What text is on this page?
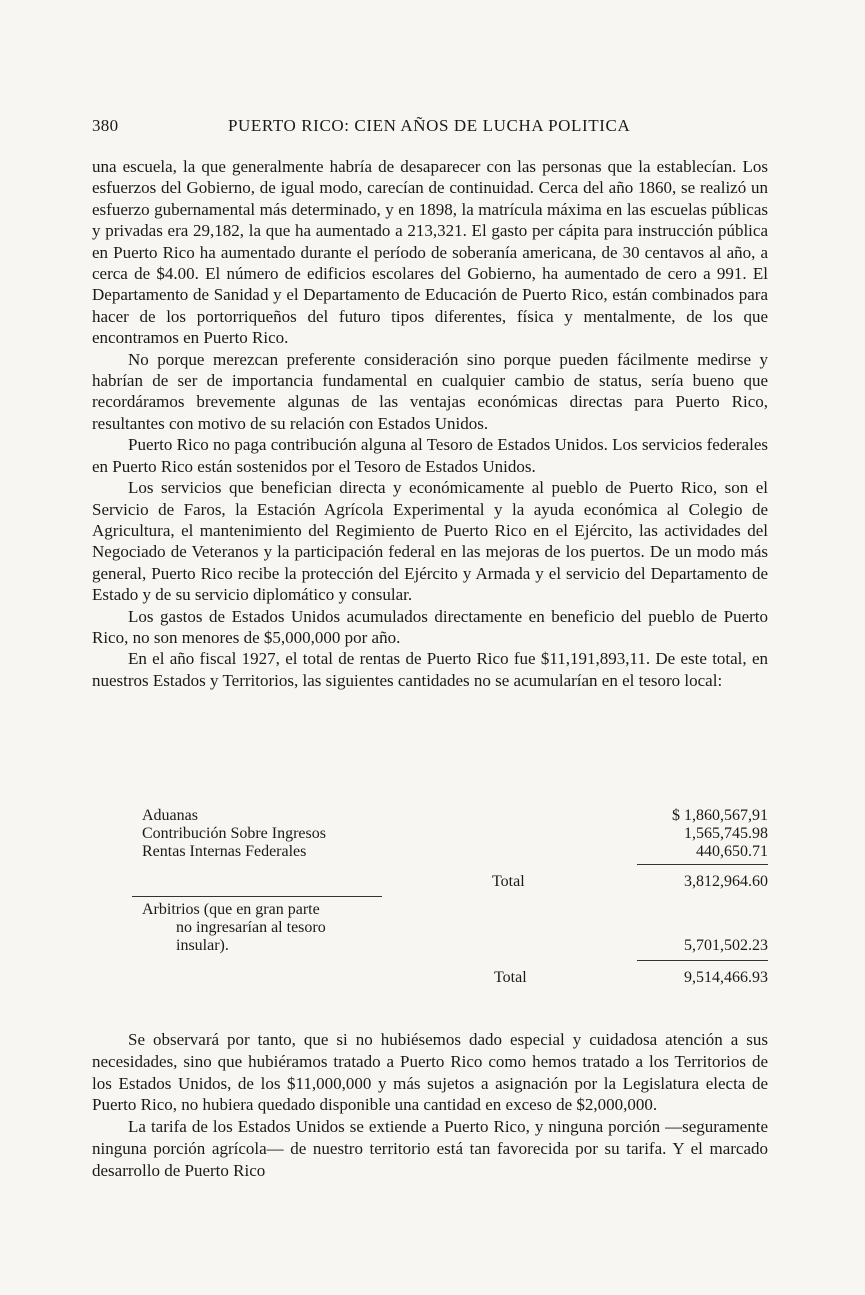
380	PUERTO RICO: CIEN AÑOS DE LUCHA POLITICA

una escuela, la que generalmente habría de desaparecer con las personas que la establecían. Los esfuerzos del Gobierno, de igual modo, carecían de continuidad. Cerca del año 1860, se realizó un esfuerzo gubernamental más determinado, y en 1898, la matrícula máxima en las escuelas públicas y privadas era 29,182, la que ha aumentado a 213,321. El gasto per cápita para instrucción pública en Puerto Rico ha aumentado durante el período de soberanía americana, de 30 centavos al año, a cerca de $4.00. El número de edificios escolares del Gobierno, ha aumentado de cero a 991. El Departamento de Sanidad y el Departamento de Educación de Puerto Rico, están combinados para hacer de los portorriqueños del futuro tipos diferentes, física y mentalmente, de los que encontramos en Puerto Rico.

No porque merezcan preferente consideración sino porque pueden fácilmente medirse y habrían de ser de importancia fundamental en cualquier cambio de status, sería bueno que recordáramos brevemente algunas de las ventajas económicas directas para Puerto Rico, resultantes con motivo de su relación con Estados Unidos.

Puerto Rico no paga contribución alguna al Tesoro de Estados Unidos. Los servicios federales en Puerto Rico están sostenidos por el Tesoro de Estados Unidos.

Los servicios que benefician directa y económicamente al pueblo de Puerto Rico, son el Servicio de Faros, la Estación Agrícola Experimental y la ayuda económica al Colegio de Agricultura, el mantenimiento del Regimiento de Puerto Rico en el Ejército, las actividades del Negociado de Veteranos y la participación federal en las mejoras de los puertos. De un modo más general, Puerto Rico recibe la protección del Ejército y Armada y el servicio del Departamento de Estado y de su servicio diplomático y consular.

Los gastos de Estados Unidos acumulados directamente en beneficio del pueblo de Puerto Rico, no son menores de $5,000,000 por año.

En el año fiscal 1927, el total de rentas de Puerto Rico fue $11,191,893,11. De este total, en nuestros Estados y Territorios, las siguientes cantidades no se acumularían en el tesoro local:

Aduanas	$ 1,860,567,91
Contribución Sobre Ingresos	1,565,745.98
Rentas Internas Federales	440,650.71
Total	3,812,964.60
Arbitrios (que en gran parte
no ingresarían al tesoro
insular).	5,701,502.23
Total	9,514,466.93

Se observará por tanto, que si no hubiésemos dado especial y cuidadosa atención a sus necesidades, sino que hubiéramos tratado a Puerto Rico como hemos tratado a los Territorios de los Estados Unidos, de los $11,000,000 y más sujetos a asignación por la Legislatura electa de Puerto Rico, no hubiera quedado disponible una cantidad en exceso de $2,000,000.

La tarifa de los Estados Unidos se extiende a Puerto Rico, y ninguna porción —seguramente ninguna porción agrícola— de nuestro territorio está tan favorecida por su tarifa. Y el marcado desarrollo de Puerto Rico
